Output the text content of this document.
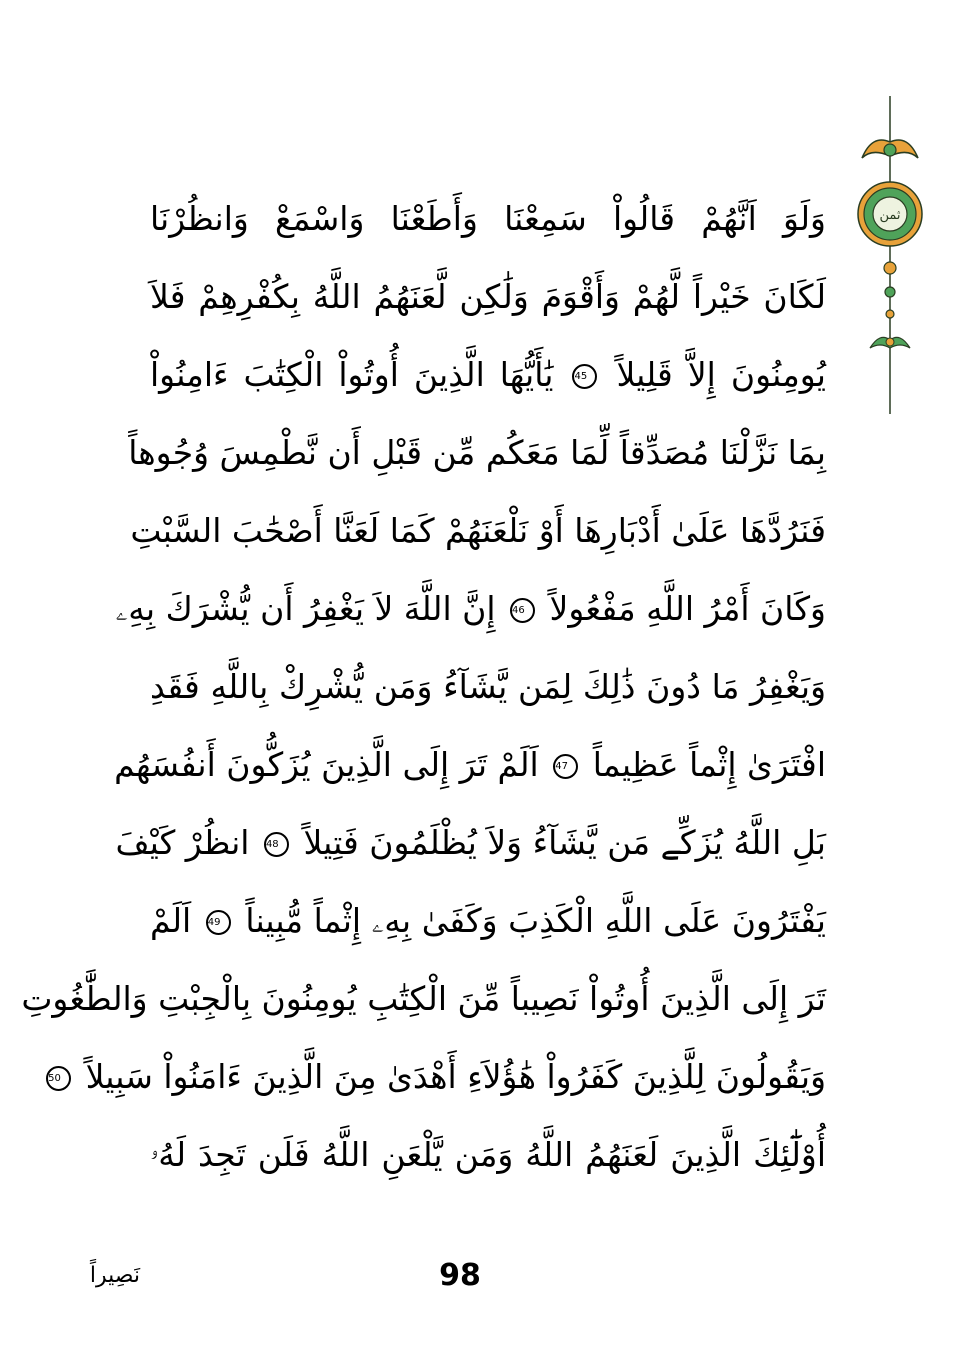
وَلَوَ اَنَّهُمْ قَالُواْ سَمِعْنَا وَأَطَعْنَا وَاسْمَعْ وَانظُرْنَا
لَكَانَ خَيْراً لَّهُمْ وَأَقْوَمَ وَلَٰكِن لَّعَنَهُمُ اللَّهُ بِكُفْرِهِمْ فَلاَ
يُومِنُونَ إِلاَّ قَلِيلاً 45 يَٰأَيُّهَا الَّذِينَ أُوتُواْ الْكِتَٰبَ ءَامِنُواْ
بِمَا نَزَّلْنَا مُصَدِّقاً لِّمَا مَعَكُم مِّن قَبْلِ أَن نَّطْمِسَ وُجُوهاً
فَنَرُدَّهَا عَلَىٰ أَدْبَارِهَا أَوْ نَلْعَنَهُمْ كَمَا لَعَنَّا أَصْحَٰبَ السَّبْتِ
وَكَانَ أَمْرُ اللَّهِ مَفْعُولاً 46 إِنَّ اللَّهَ لاَ يَغْفِرُ أَن يُّشْرَكَ بِهِۦ
وَيَغْفِرُ مَا دُونَ ذَٰلِكَ لِمَن يَّشَآءُ وَمَن يُّشْرِكْ بِاللَّهِ فَقَدِ
افْتَرَىٰ إِثْماً عَظِيماً 47 اَلَمْ تَرَ إِلَى الَّذِينَ يُزَكُّونَ أَنفُسَهُم
بَلِ اللَّهُ يُزَكِّے مَن يَّشَآءُ وَلاَ يُظْلَمُونَ فَتِيلاً 48 انظُرْ كَيْفَ
يَفْتَرُونَ عَلَى اللَّهِ الْكَذِبَ وَكَفَىٰ بِهِۦ إِثْماً مُّبِيناً 49 اَلَمْ
تَرَ إِلَى الَّذِينَ أُوتُواْ نَصِيباً مِّنَ الْكِتَٰبِ يُومِنُونَ بِالْجِبْتِ وَالطَّٰغُوتِ
وَيَقُولُونَ لِلَّذِينَ كَفَرُواْ هَٰؤُلاَءِ أَهْدَىٰ مِنَ الَّذِينَ ءَامَنُواْ سَبِيلاً 50
أُوْلَٰٓئِكَ الَّذِينَ لَعَنَهُمُ اللَّهُ وَمَن يَّلْعَنِ اللَّهُ فَلَن تَجِدَ لَهُۥ
ثمن
98
نَصِيراً
